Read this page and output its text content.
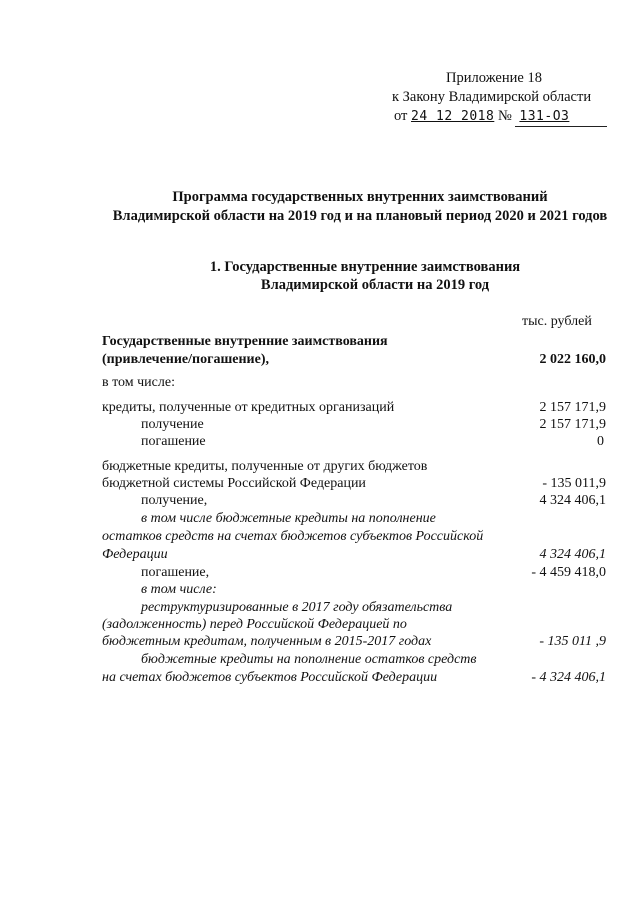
Приложение 18
к Закону Владимирской области
от 24 12 2018 № 131-ОЗ
Программа государственных внутренних заимствований
Владимирской области на 2019 год и на плановый период 2020 и 2021 годов
1. Государственные внутренние заимствования
Владимирской области на 2019 год
тыс. рублей
Государственные внутренние заимствования
(привлечение/погашение),	2 022 160,0
в том числе:
кредиты, полученные от кредитных организаций	2 157 171,9
получение	2 157 171,9
погашение	0
бюджетные кредиты, полученные от других бюджетов
бюджетной системы Российской Федерации	- 135 011,9
получение,	4 324 406,1
в том числе бюджетные кредиты на пополнение
остатков средств на счетах бюджетов субъектов Российской
Федерации	4 324 406,1
погашение,	- 4 459 418,0
в том числе:
реструктуризированные в 2017 году обязательства
(задолженность) перед Российской Федерацией по
бюджетным кредитам, полученным в 2015-2017 годах	- 135 011 ,9
бюджетные кредиты на пополнение остатков средств
на счетах бюджетов субъектов Российской Федерации	- 4 324 406,1
